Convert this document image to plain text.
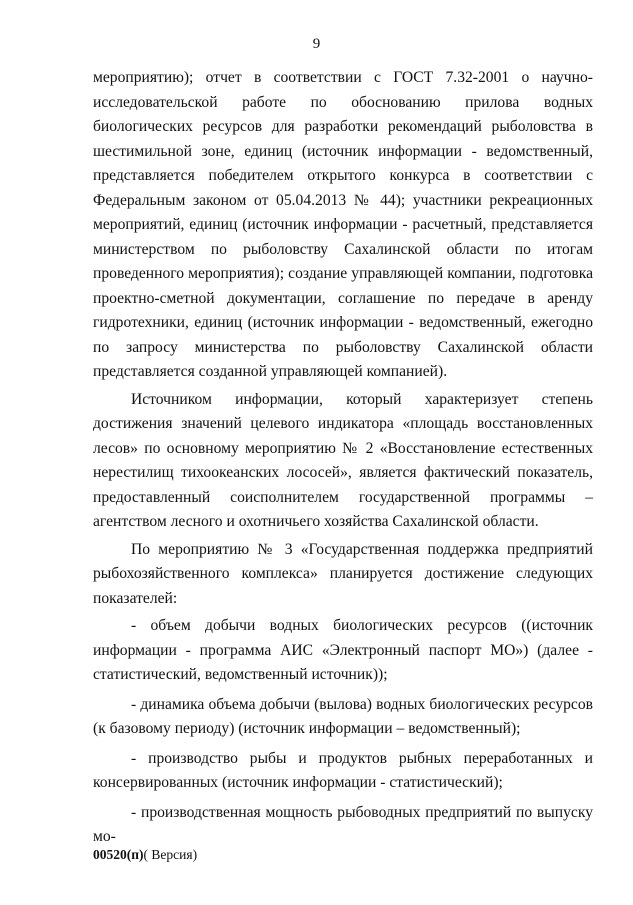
9

мероприятию); отчет в соответствии с ГОСТ 7.32-2001 о научно-исследовательской работе по обоснованию прилова водных биологических ресурсов для разработки рекомендаций рыболовства в шестимильной зоне, единиц (источник информации - ведомственный, представляется победителем открытого конкурса в соответствии с Федеральным законом от 05.04.2013 № 44); участники рекреационных мероприятий, единиц (источник информации - расчетный, представляется министерством по рыболовству Сахалинской области по итогам проведенного мероприятия); создание управляющей компании, подготовка проектно-сметной документации, соглашение по передаче в аренду гидротехники, единиц (источник информации - ведомственный, ежегодно по запросу министерства по рыболовству Сахалинской области представляется созданной управляющей компанией).

Источником информации, который характеризует степень достижения значений целевого индикатора «площадь восстановленных лесов» по основному мероприятию № 2 «Восстановление естественных нерестилищ тихоокеанских лососей», является фактический показатель, предоставленный соисполнителем государственной программы – агентством лесного и охотничьего хозяйства Сахалинской области.

По мероприятию № 3 «Государственная поддержка предприятий рыбохозяйственного комплекса» планируется достижение следующих показателей:

- объем добычи водных биологических ресурсов ((источник информации - программа АИС «Электронный паспорт МО») (далее - статистический, ведомственный источник));

- динамика объема добычи (вылова) водных биологических ресурсов (к базовому периоду) (источник информации – ведомственный);

- производство рыбы и продуктов рыбных переработанных и консервированных (источник информации - статистический);

- производственная мощность рыбоводных предприятий по выпуску мо-

00520(п)( Версия)
